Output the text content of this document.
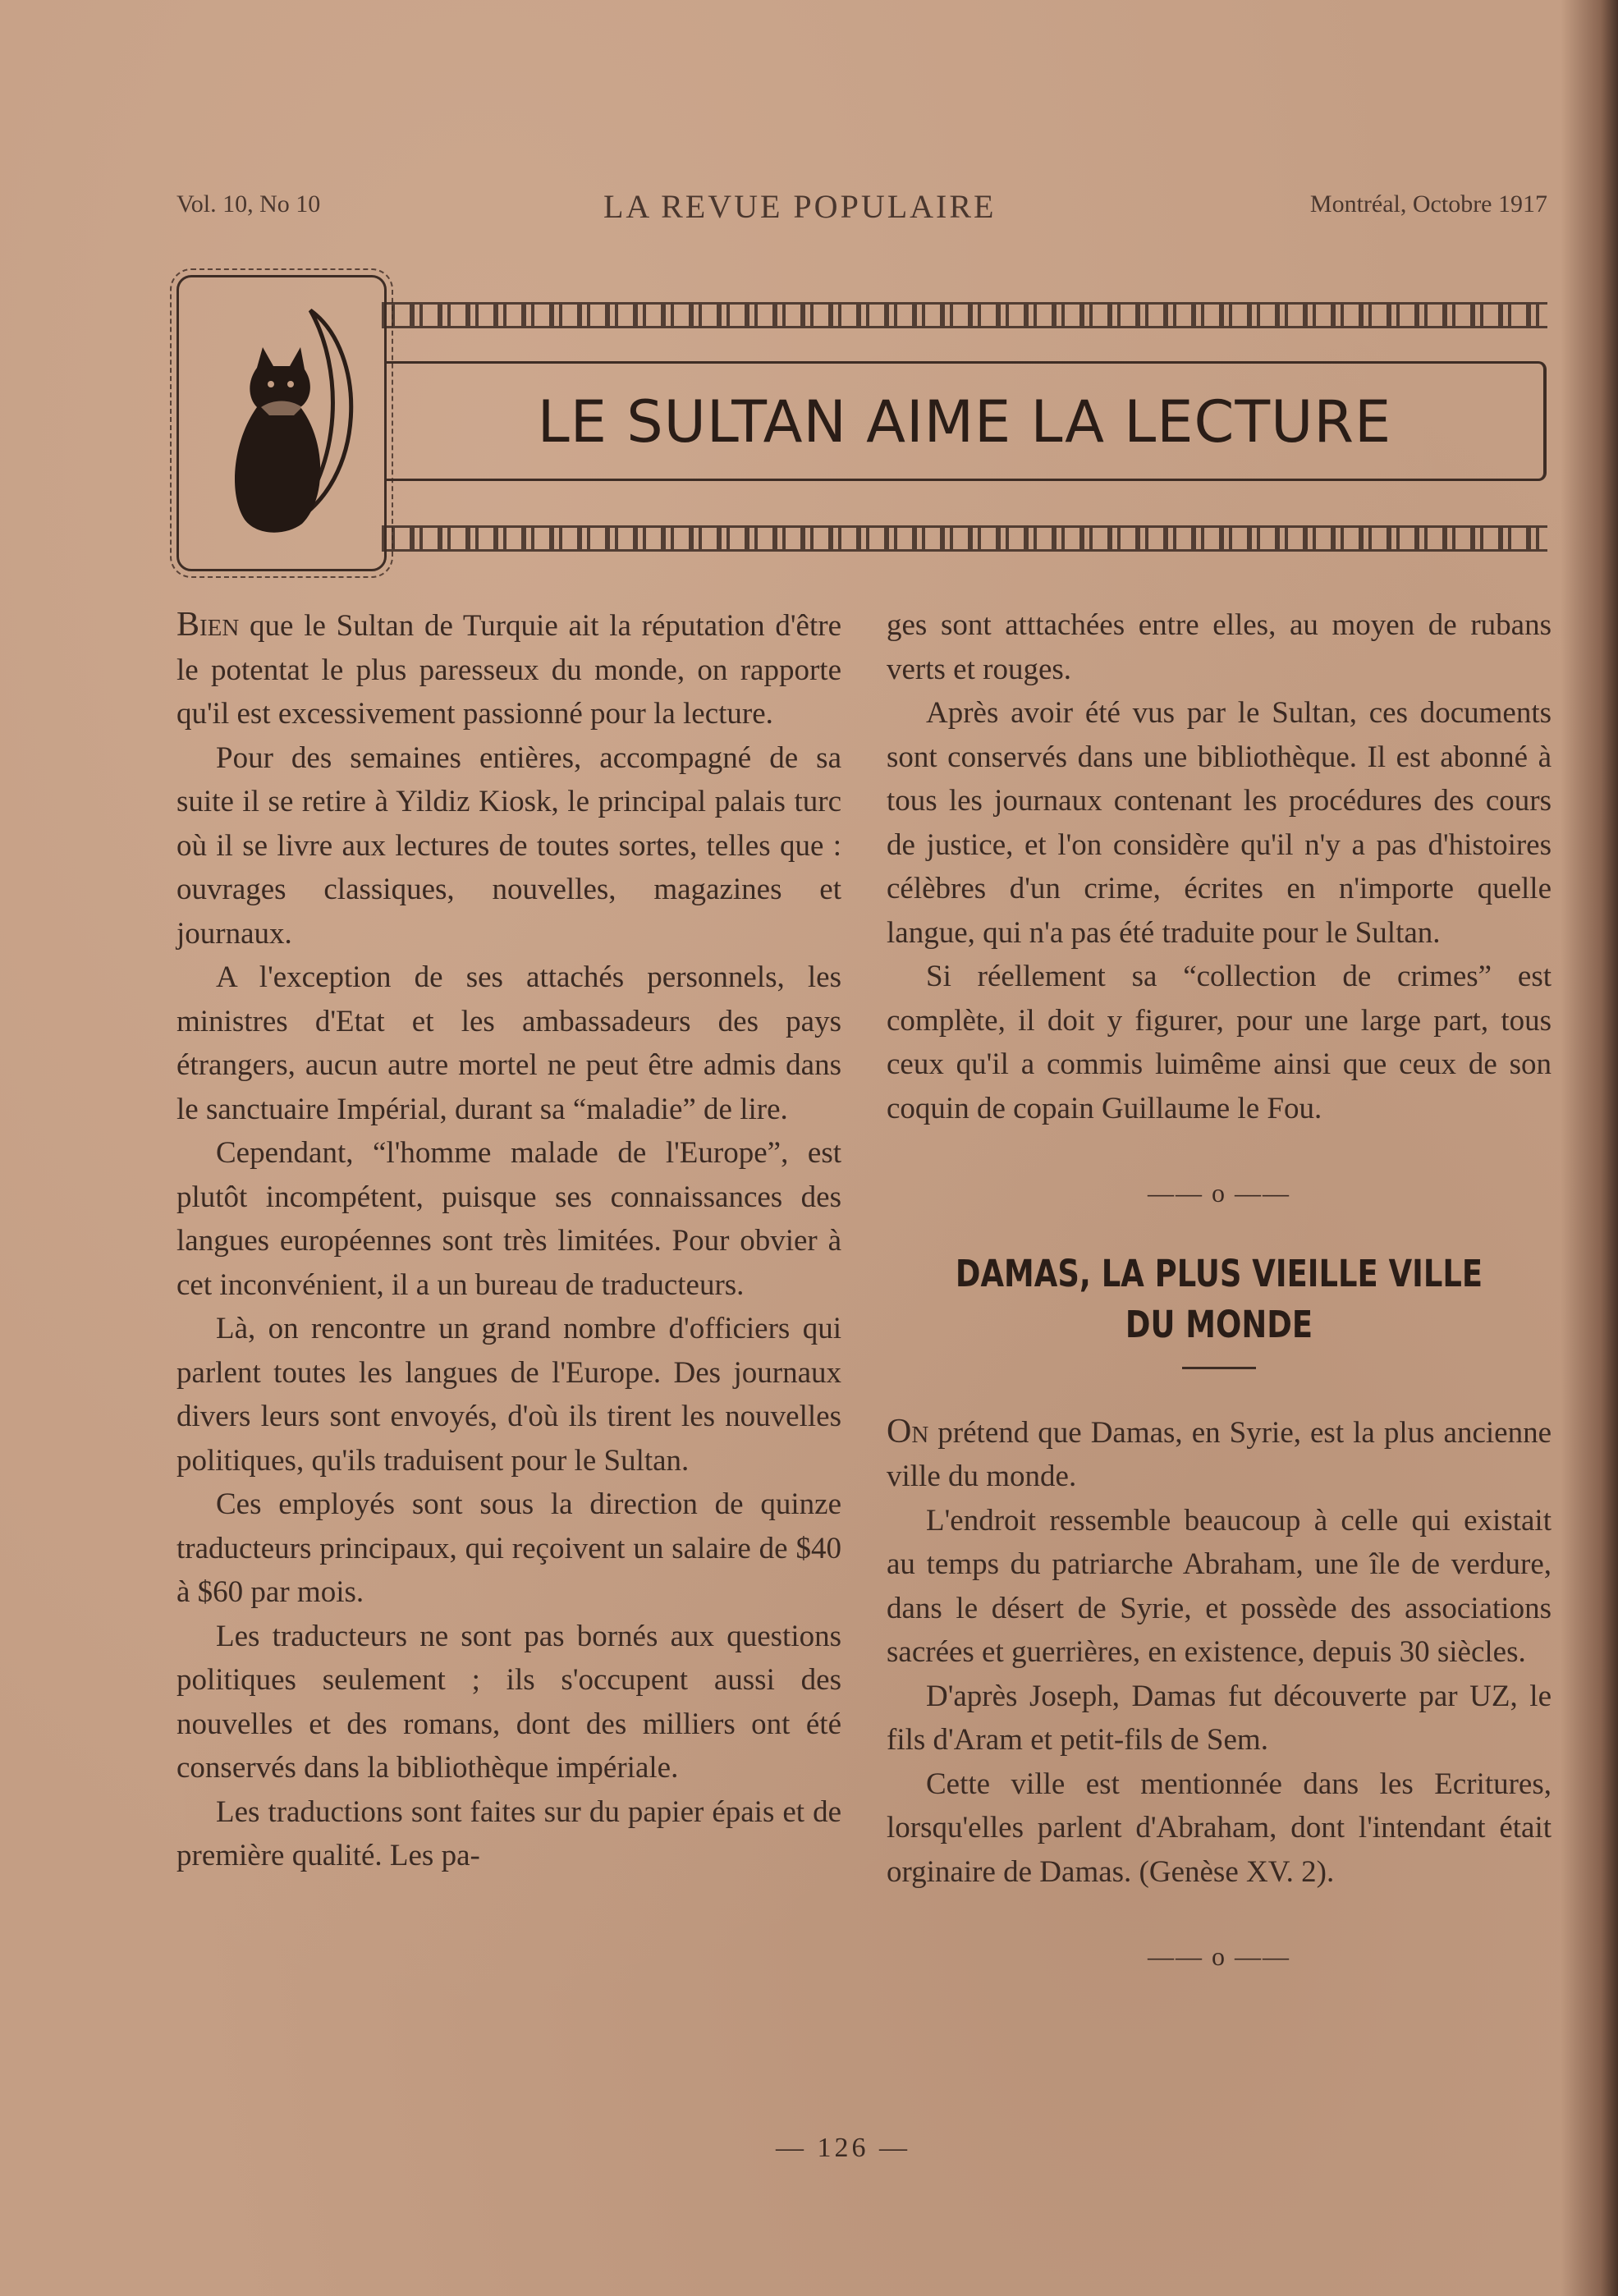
Vol. 10, No 10	LA REVUE POPULAIRE	Montréal, Octobre 1917
LE SULTAN AIME LA LECTURE

Bien que le Sultan de Turquie ait la réputation d'être le potentat le plus paresseux du monde, on rapporte qu'il est excessivement passionné pour la lecture.

Pour des semaines entières, accompagné de sa suite il se retire à Yildiz Kiosk, le principal palais turc où il se livre aux lectures de toutes sortes, telles que : ouvrages classiques, nouvelles, magazines et journaux.

A l'exception de ses attachés personnels, les ministres d'Etat et les ambassadeurs des pays étrangers, aucun autre mortel ne peut être admis dans le sanctuaire Impérial, durant sa “maladie” de lire.

Cependant, “l'homme malade de l'Europe”, est plutôt incompétent, puisque ses connaissances des langues européennes sont très limitées. Pour obvier à cet inconvénient, il a un bureau de traducteurs.

Là, on rencontre un grand nombre d'officiers qui parlent toutes les langues de l'Europe. Des journaux divers leurs sont envoyés, d'où ils tirent les nouvelles politiques, qu'ils traduisent pour le Sultan.

Ces employés sont sous la direction de quinze traducteurs principaux, qui reçoivent un salaire de $40 à $60 par mois.

Les traducteurs ne sont pas bornés aux questions politiques seulement ; ils s'occupent aussi des nouvelles et des romans, dont des milliers ont été conservés dans la bibliothèque impériale.

Les traductions sont faites sur du papier épais et de première qualité. Les pa-

ges sont atttachées entre elles, au moyen de rubans verts et rouges.

Après avoir été vus par le Sultan, ces documents sont conservés dans une bibliothèque. Il est abonné à tous les journaux contenant les procédures des cours de justice, et l'on considère qu'il n'y a pas d'histoires célèbres d'un crime, écrites en n'importe quelle langue, qui n'a pas été traduite pour le Sultan.

Si réellement sa “collection de crimes” est complète, il doit y figurer, pour une large part, tous ceux qu'il a commis luimême ainsi que ceux de son coquin de copain Guillaume le Fou.

—— o ——
DAMAS, LA PLUS VIEILLE VILLE
DU MONDE

On prétend que Damas, en Syrie, est la plus ancienne ville du monde.

L'endroit ressemble beaucoup à celle qui existait au temps du patriarche Abraham, une île de verdure, dans le désert de Syrie, et possède des associations sacrées et guerrières, en existence, depuis 30 siècles.

D'après Joseph, Damas fut découverte par UZ, le fils d'Aram et petit-fils de Sem.

Cette ville est mentionnée dans les Ecritures, lorsqu'elles parlent d'Abraham, dont l'intendant était orginaire de Damas. (Genèse XV. 2).

—— o ——
— 126 —
